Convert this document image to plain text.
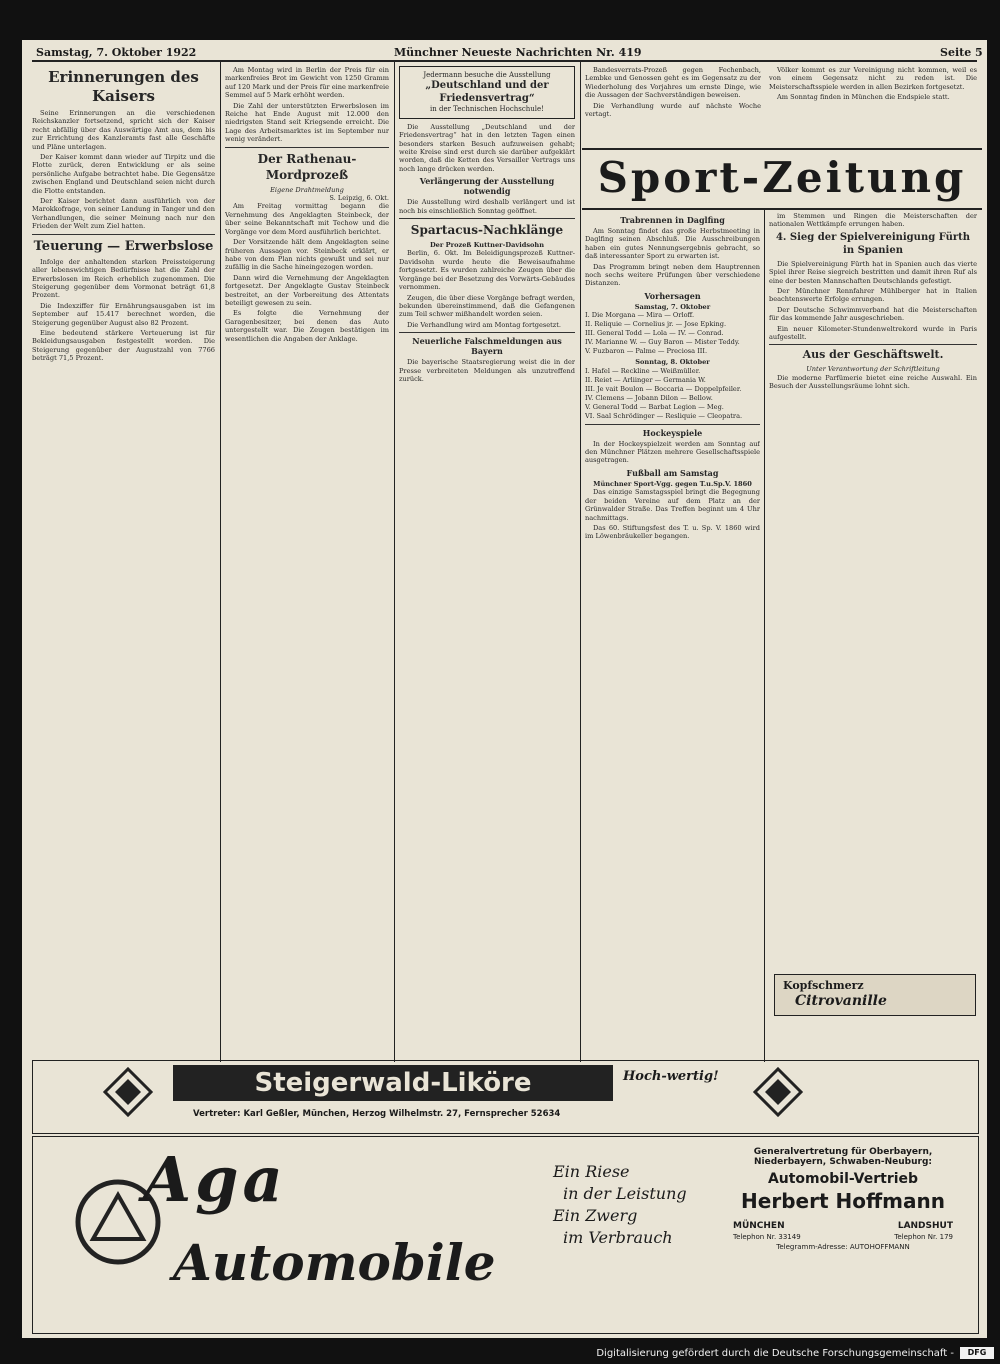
Samstag, 7. Oktober 1922	Münchner Neueste Nachrichten Nr. 419	Seite 5
Erinnerungen des Kaisers

Seine Erinnerungen an die verschiedenen Reichskanzler fortsetzend, spricht sich der Kaiser recht abfällig über das Auswärtige Amt aus, dem bis zur Errichtung des Kanzleramts fast alle Geschäfte und Pläne unterlagen.

Der Kaiser kommt dann wieder auf Tirpitz und die Flotte zurück, deren Entwicklung er als seine persönliche Aufgabe betrachtet habe. Die Gegensätze zwischen England und Deutschland seien nicht durch die Flotte entstanden.

Der Kaiser berichtet dann ausführlich von der Marokkofrage, von seiner Landung in Tanger und den Verhandlungen, die seiner Meinung nach nur den Frieden der Welt zum Ziel hatten.

Teuerung — Erwerbslose

Infolge der anhaltenden starken Preissteigerung aller lebenswichtigen Bedürfnisse hat die Zahl der Erwerbslosen im Reich erheblich zugenommen. Die Steigerung gegenüber dem Vormonat beträgt 61,8 Prozent.

Die Indexziffer für Ernährungsausgaben ist im September auf 15.417 berechnet worden, die Steigerung gegenüber August also 82 Prozent.

Eine bedeutend stärkere Verteuerung ist für Bekleidungsausgaben festgestellt worden. Die Steigerung gegenüber der Augustzahl von 7766 beträgt 71,5 Prozent.

Am Montag wird in Berlin der Preis für ein markenfreies Brot im Gewicht von 1250 Gramm auf 120 Mark und der Preis für eine markenfreie Semmel auf 5 Mark erhöht werden.

Die Zahl der unterstützten Erwerbslosen im Reiche hat Ende August mit 12.000 den niedrigsten Stand seit Kriegsende erreicht. Die Lage des Arbeitsmarktes ist im September nur wenig verändert.

Der Rathenau-Mordprozeß
Eigene Drahtmeldung
S. Leipzig, 6. Okt.

Am Freitag vormittag begann die Vernehmung des Angeklagten Steinbeck, der über seine Bekanntschaft mit Techow und die Vorgänge vor dem Mord ausführlich berichtet.

Der Vorsitzende hält dem Angeklagten seine früheren Aussagen vor. Steinbeck erklärt, er habe von dem Plan nichts gewußt und sei nur zufällig in die Sache hineingezogen worden.

Dann wird die Vernehmung der Angeklagten fortgesetzt. Der Angeklagte Gustav Steinbeck bestreitet, an der Vorbereitung des Attentats beteiligt gewesen zu sein.

Es folgte die Vernehmung der Garagenbesitzer, bei denen das Auto untergestellt war. Die Zeugen bestätigen im wesentlichen die Angaben der Anklage.

Jedermann besuche die Ausstellung
„Deutschland und der Friedensvertrag“
in der Technischen Hochschule!

Die Ausstellung „Deutschland und der Friedensvertrag“ hat in den letzten Tagen einen besonders starken Besuch aufzuweisen gehabt; weite Kreise sind erst durch sie darüber aufgeklärt worden, daß die Ketten des Versailler Vertrags uns noch lange drücken werden.

Verlängerung der Ausstellung notwendig

Die Ausstellung wird deshalb verlängert und ist noch bis einschließlich Sonntag geöffnet.

Spartacus-Nachklänge
Der Prozeß Kuttner-Davidsohn

Berlin, 6. Okt. Im Beleidigungsprozeß Kuttner-Davidsohn wurde heute die Beweisaufnahme fortgesetzt. Es wurden zahlreiche Zeugen über die Vorgänge bei der Besetzung des Vorwärts-Gebäudes vernommen.

Zeugen, die über diese Vorgänge befragt werden, bekunden übereinstimmend, daß die Gefangenen zum Teil schwer mißhandelt worden seien.

Die Verhandlung wird am Montag fortgesetzt.

Neuerliche Falschmeldungen aus Bayern

Die bayerische Staatsregierung weist die in der Presse verbreiteten Meldungen als unzutreffend zurück.

Bandesverrats-Prozeß gegen Fechenbach, Lembke und Genossen geht es im Gegensatz zu der Wiederholung des Vorjahres um ernste Dinge, wie die Aussagen der Sachverständigen beweisen.

Die Verhandlung wurde auf nächste Woche vertagt.

Völker kommt es zur Vereinigung nicht kommen, weil es von einem Gegensatz nicht zu reden ist. Die Meisterschaftsspiele werden in allen Bezirken fortgesetzt.

Am Sonntag finden in München die Endspiele statt.

Sport-Zeitung
Trabrennen in Daglfing

Am Sonntag findet das große Herbstmeeting in Daglfing seinen Abschluß. Die Ausschreibungen haben ein gutes Nennungsergebnis gebracht, so daß interessanter Sport zu erwarten ist.

Das Programm bringt neben dem Hauptrennen noch sechs weitere Prüfungen über verschiedene Distanzen.

Vorhersagen
Samstag, 7. Oktober
I. Die Morgana — Mira — Orloff.
II. Reliquie — Cornelius jr. — Jose Epking.
III. General Todd — Lola — IV. — Conrad.
IV. Marianne W. — Guy Baron — Mister Teddy.
V. Fuzbaron — Palme — Preciosa III.
Sonntag, 8. Oktober
I. Hafel — Reckline — Weißmüller.
II. Reiet — Arliinger — Germania W.
III. Je vait Boulon — Boccaria — Doppelpfeiler.
IV. Clemens — Jobann Dilon — Bellow.
V. General Todd — Barbat Legion — Meg.
VI. Saal Schrödinger — Resliquie — Cleopatra.
Hockeyspiele

In der Hockeyspielzeit werden am Sonntag auf den Münchner Plätzen mehrere Gesellschaftsspiele ausgetragen.

Fußball am Samstag
Münchner Sport-Vgg. gegen T.u.Sp.V. 1860

Das einzige Samstagsspiel bringt die Begegnung der beiden Vereine auf dem Platz an der Grünwalder Straße. Das Treffen beginnt um 4 Uhr nachmittags.

Das 60. Stiftungsfest des T. u. Sp. V. 1860 wird im Löwenbräukeller begangen.

im Stemmen und Ringen die Meisterschaften der nationalen Wettkämpfe errungen haben.

4. Sieg der Spielvereinigung Fürth in Spanien

Die Spielvereinigung Fürth hat in Spanien auch das vierte Spiel ihrer Reise siegreich bestritten und damit ihren Ruf als eine der besten Mannschaften Deutschlands gefestigt.

Der Münchner Rennfahrer Mühlberger hat in Italien beachtenswerte Erfolge errungen.

Der Deutsche Schwimmverband hat die Meisterschaften für das kommende Jahr ausgeschrieben.

Ein neuer Kilometer-Stundenweltrekord wurde in Paris aufgestellt.

Aus der Geschäftswelt.
Unter Verantwortung der Schriftleitung

Die moderne Parfümerie bietet eine reiche Auswahl. Ein Besuch der Ausstellungsräume lohnt sich.

Kopfschmerz
Citrovanille
Steigerwald-Liköre	Hoch-wertig!
Vertreter: Karl Geßler, München, Herzog Wilhelmstr. 27, Fernsprecher 52634
Aga
Automobile
Ein Riese
in der Leistung
Ein Zwerg
im Verbrauch
Generalvertretung für Oberbayern,
Niederbayern, Schwaben-Neuburg:
Automobil-Vertrieb
Herbert Hoffmann
MÜNCHEN	LANDSHUT
Telephon Nr. 33149	Telephon Nr. 179
Telegramm-Adresse: AUTOHOFFMANN
Digitalisierung gefördert durch die Deutsche Forschungsgemeinschaft -	DFG
